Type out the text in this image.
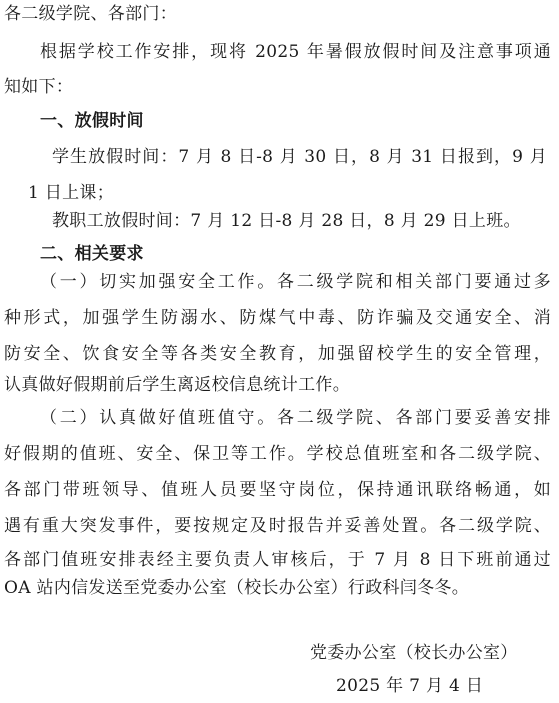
各二级学院、各部门：
根据学校工作安排，现将 2025 年暑假放假时间及注意事项通
知如下：
一、放假时间
学生放假时间：7 月 8 日-8 月 30 日，8 月 31 日报到，9 月
1 日上课；
教职工放假时间：7 月 12 日-8 月 28 日，8 月 29 日上班。
二、相关要求
（一）切实加强安全工作。各二级学院和相关部门要通过多
种形式，加强学生防溺水、防煤气中毒、防诈骗及交通安全、消
防安全、饮食安全等各类安全教育，加强留校学生的安全管理，
认真做好假期前后学生离返校信息统计工作。
（二）认真做好值班值守。各二级学院、各部门要妥善安排
好假期的值班、安全、保卫等工作。学校总值班室和各二级学院、
各部门带班领导、值班人员要坚守岗位，保持通讯联络畅通，如
遇有重大突发事件，要按规定及时报告并妥善处置。各二级学院、
各部门值班安排表经主要负责人审核后，于 7 月 8 日下班前通过
OA 站内信发送至党委办公室（校长办公室）行政科闫冬冬。
党委办公室（校长办公室）
2025 年 7 月 4 日
